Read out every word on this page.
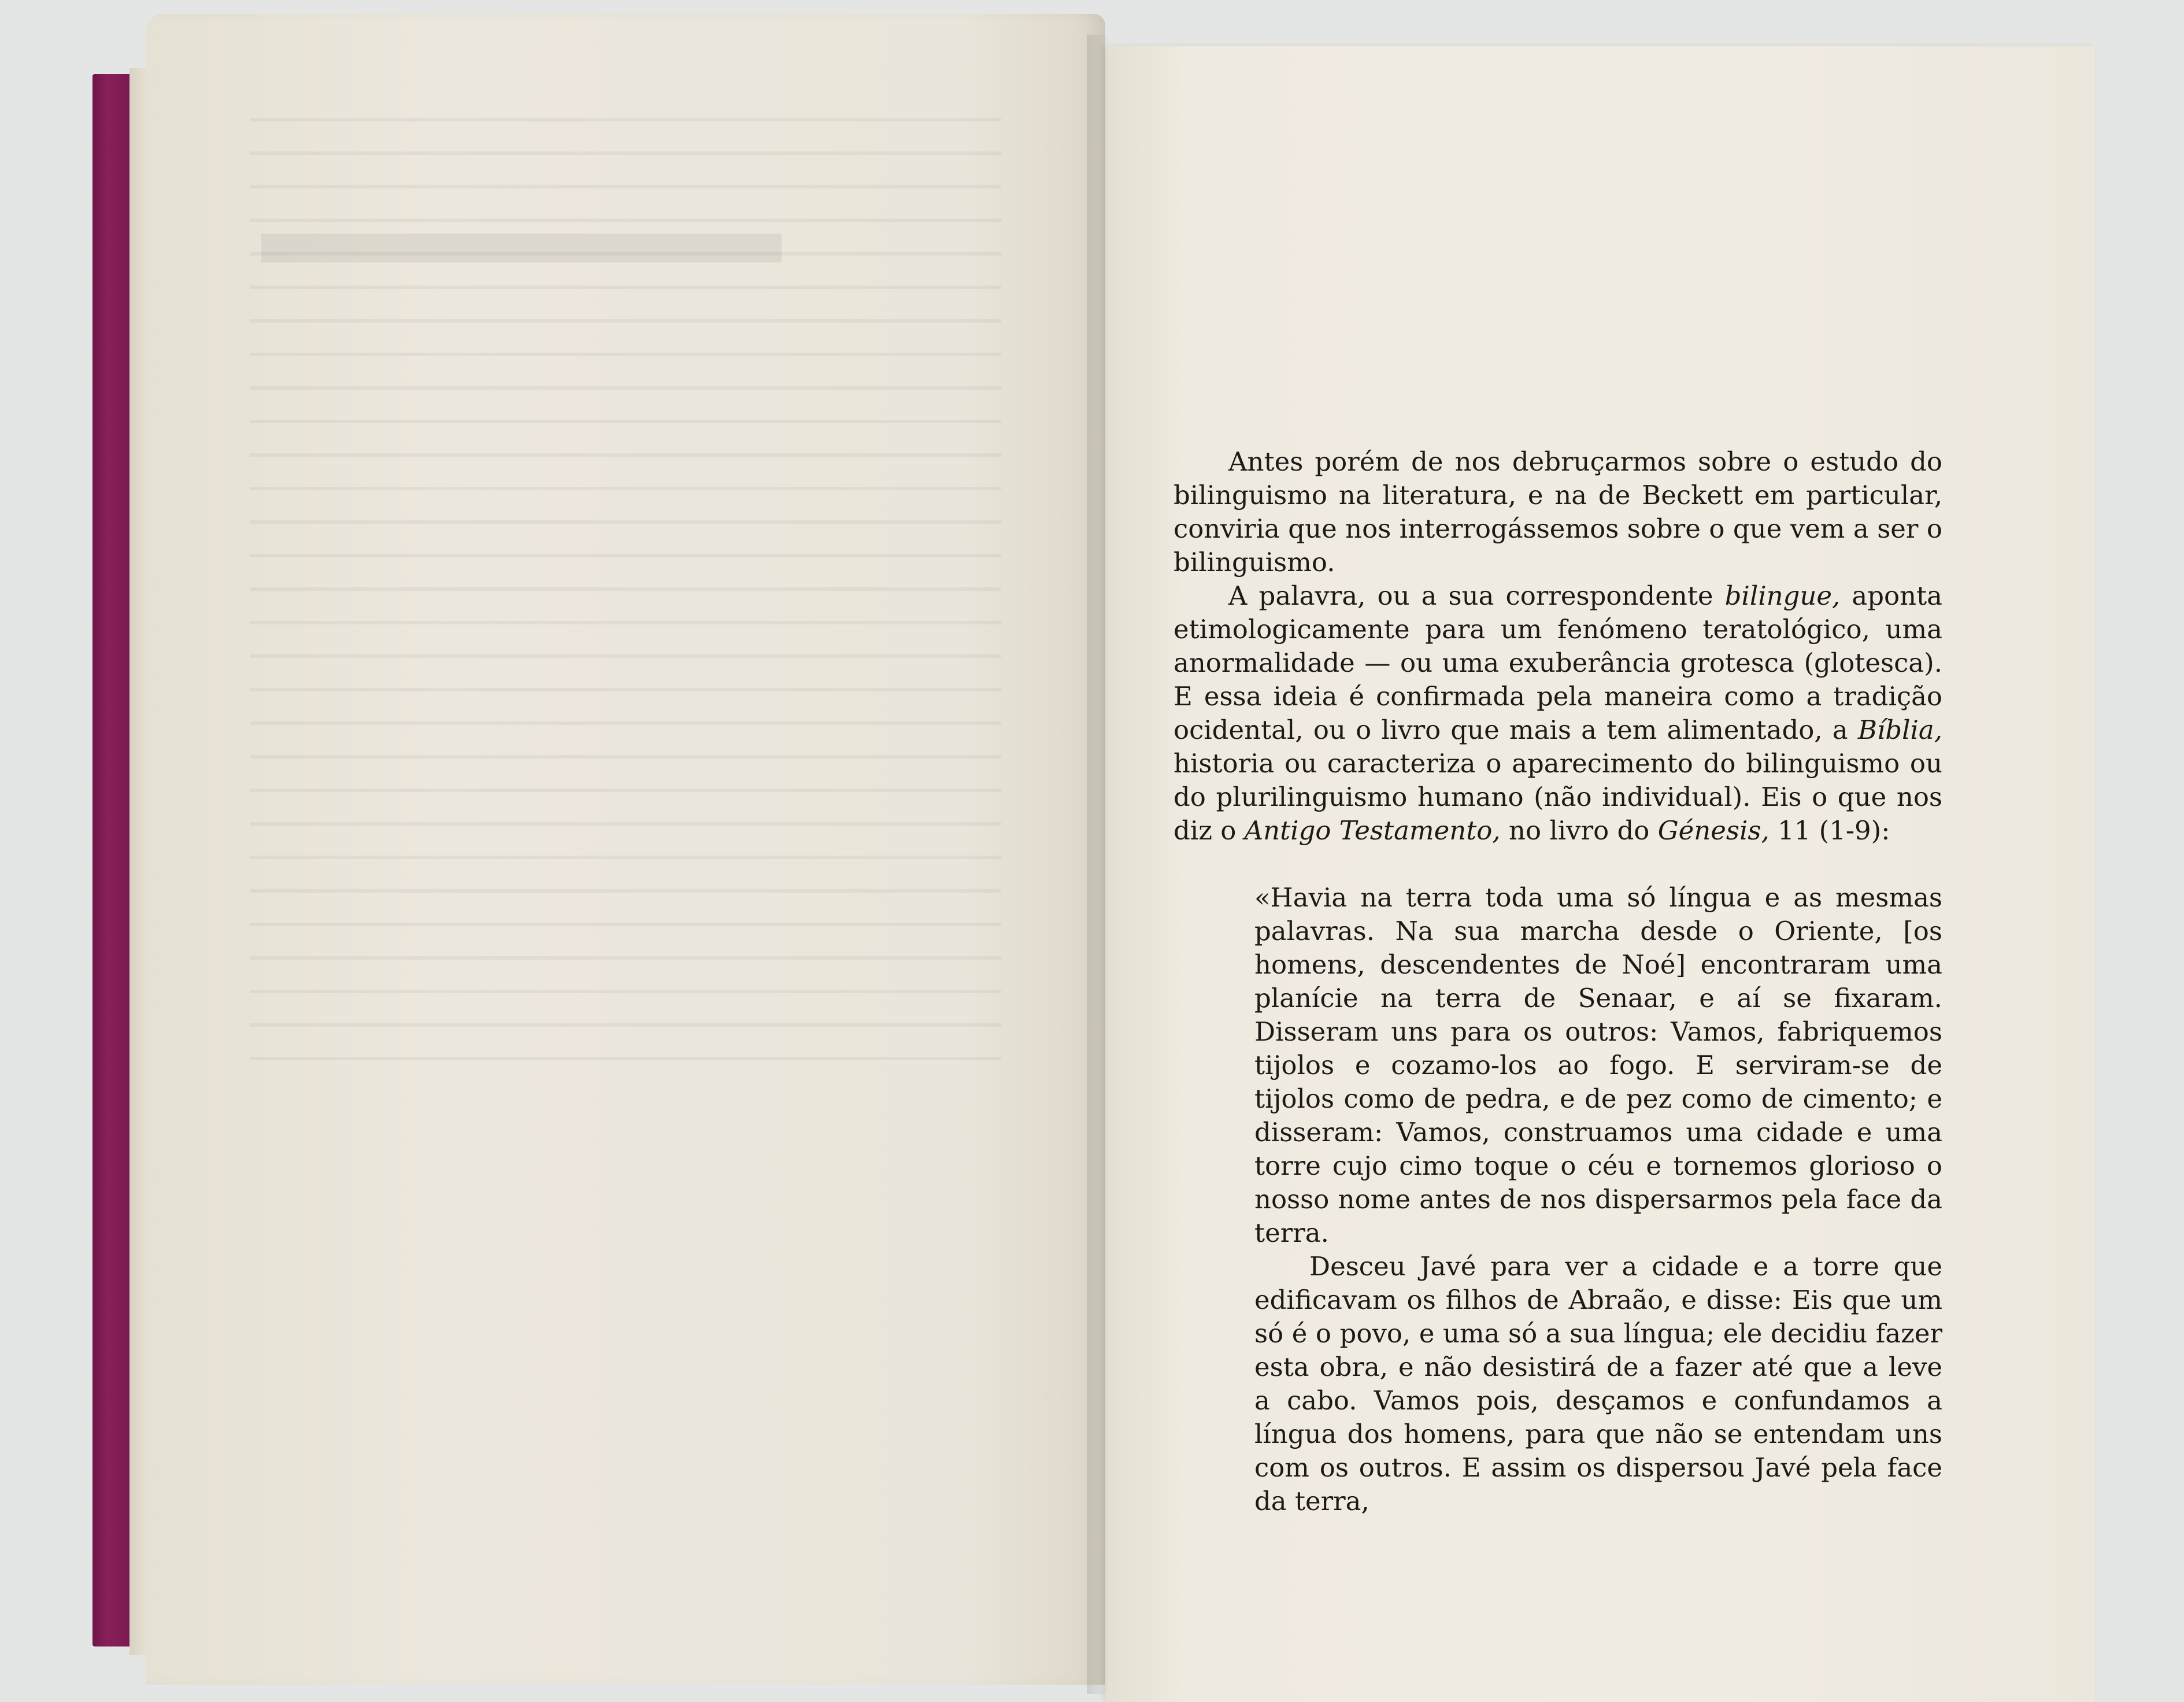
Antes porém de nos debruçarmos sobre o estudo do bilinguismo na literatura, e na de Beckett em particular, conviria que nos interrogássemos sobre o que vem a ser o bilinguismo.

A palavra, ou a sua correspondente bilingue, aponta etimologicamente para um fenómeno teratológico, uma anormalidade — ou uma exuberância grotesca (glotesca). E essa ideia é confirmada pela maneira como a tradição ocidental, ou o livro que mais a tem alimentado, a Bíblia, historia ou caracteriza o aparecimento do bilinguismo ou do plurilinguismo humano (não individual). Eis o que nos diz o Antigo Testamento, no livro do Génesis, 11 (1-9):

«Havia na terra toda uma só língua e as mesmas palavras. Na sua marcha desde o Oriente, [os homens, descendentes de Noé] encontraram uma planície na terra de Senaar, e aí se fixaram. Disseram uns para os outros: Vamos, fabriquemos tijolos e cozamo-los ao fogo. E serviram-se de tijolos como de pedra, e de pez como de cimento; e disseram: Vamos, construamos uma cidade e uma torre cujo cimo toque o céu e tornemos glorioso o nosso nome antes de nos dispersarmos pela face da terra.

Desceu Javé para ver a cidade e a torre que edificavam os filhos de Abraão, e disse: Eis que um só é o povo, e uma só a sua língua; ele decidiu fazer esta obra, e não desistirá de a fazer até que a leve a cabo. Vamos pois, desçamos e confundamos a língua dos homens, para que não se entendam uns com os outros. E assim os dispersou Javé pela face da terra,
